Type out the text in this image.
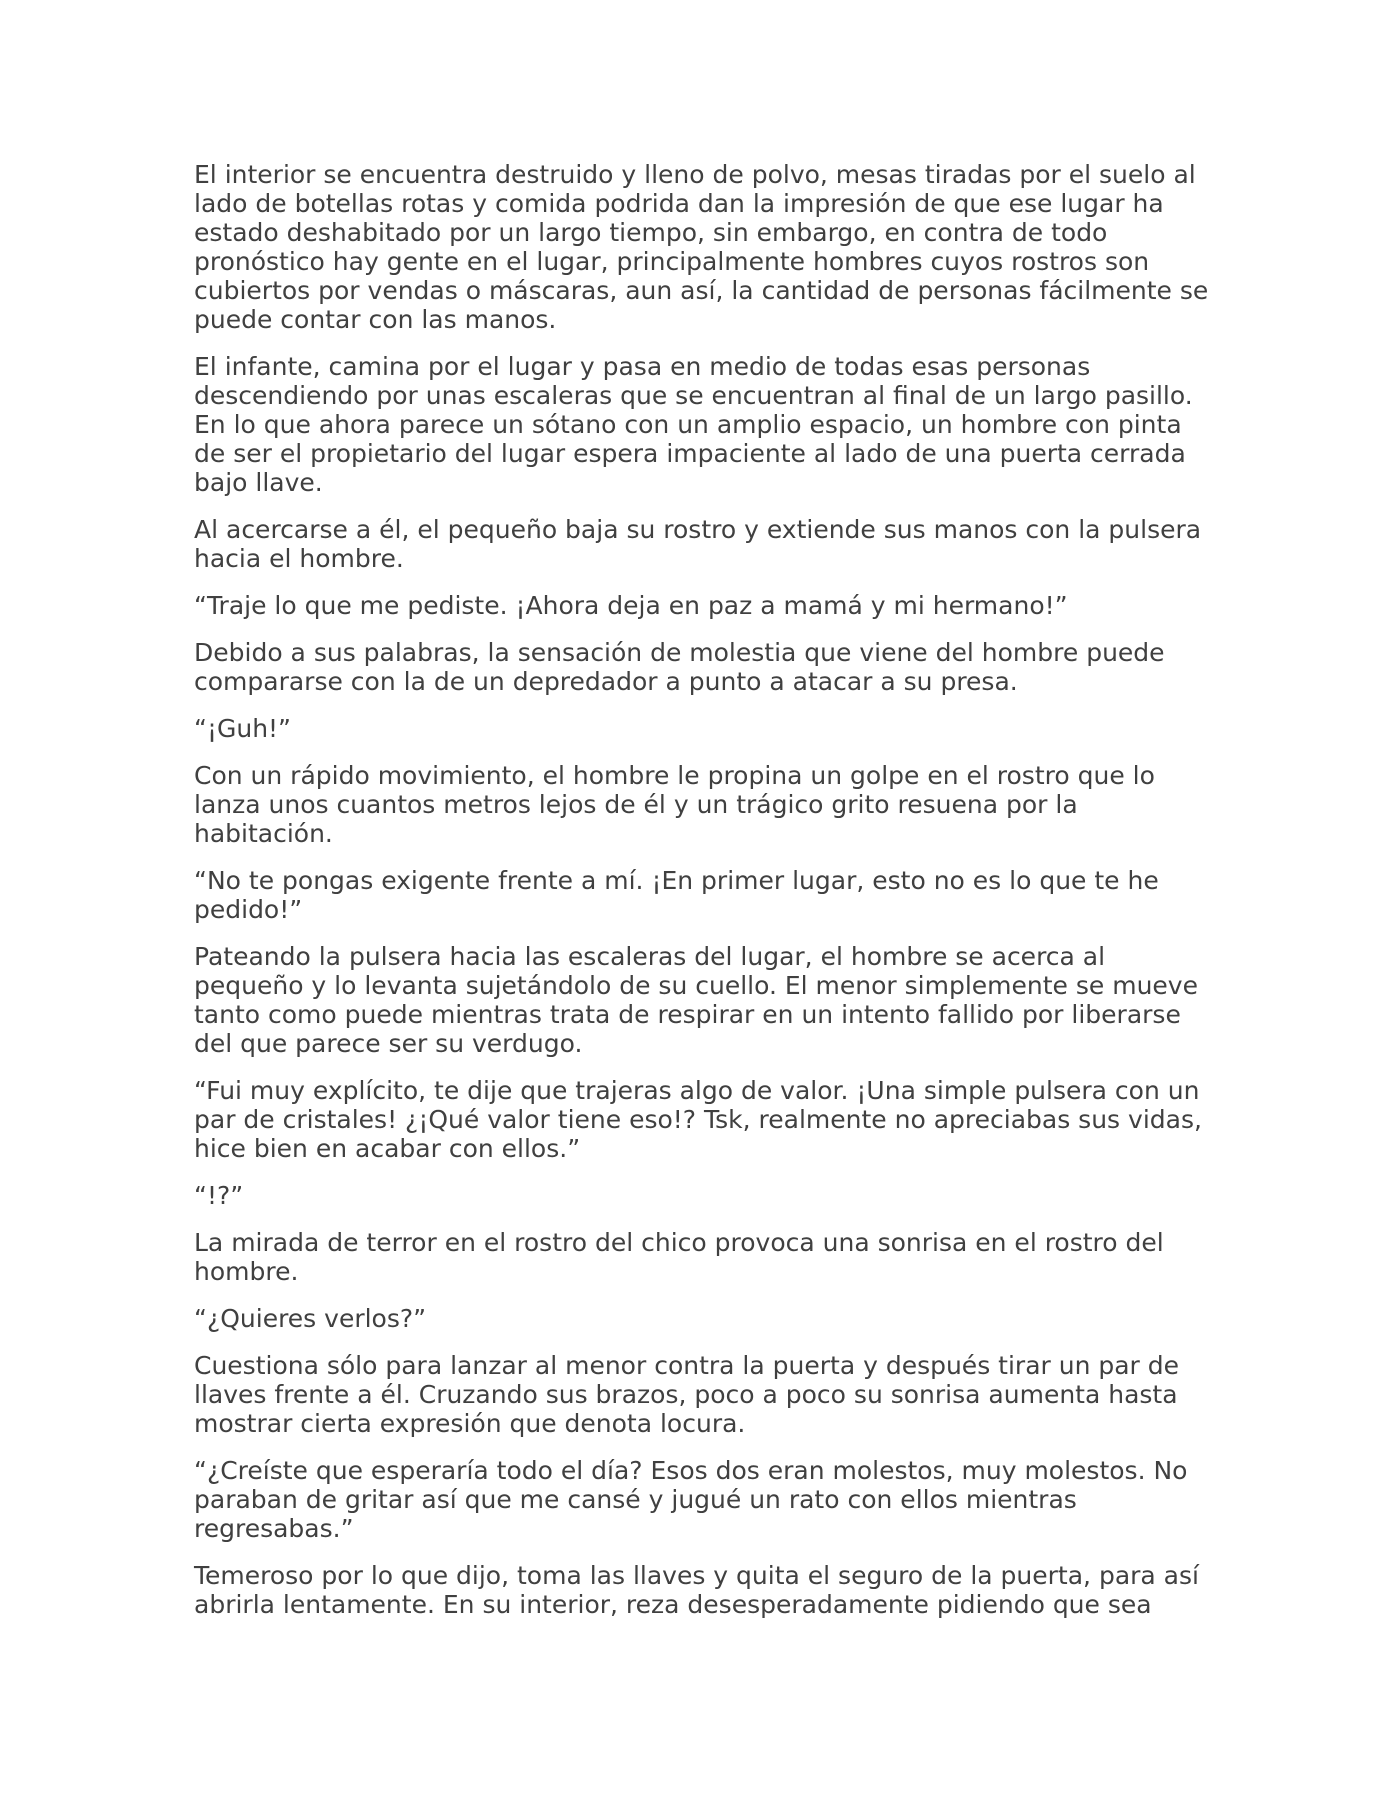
El interior se encuentra destruido y lleno de polvo, mesas tiradas por el suelo al lado de botellas rotas y comida podrida dan la impresión de que ese lugar ha estado deshabitado por un largo tiempo, sin embargo, en contra de todo pronóstico hay gente en el lugar, principalmente hombres cuyos rostros son cubiertos por vendas o máscaras, aun así, la cantidad de personas fácilmente se puede contar con las manos.

El infante, camina por el lugar y pasa en medio de todas esas personas descendiendo por unas escaleras que se encuentran al final de un largo pasillo. En lo que ahora parece un sótano con un amplio espacio, un hombre con pinta de ser el propietario del lugar espera impaciente al lado de una puerta cerrada bajo llave.

Al acercarse a él, el pequeño baja su rostro y extiende sus manos con la pulsera hacia el hombre.

“Traje lo que me pediste. ¡Ahora deja en paz a mamá y mi hermano!”

Debido a sus palabras, la sensación de molestia que viene del hombre puede compararse con la de un depredador a punto a atacar a su presa.

“¡Guh!”

Con un rápido movimiento, el hombre le propina un golpe en el rostro que lo lanza unos cuantos metros lejos de él y un trágico grito resuena por la habitación.

“No te pongas exigente frente a mí. ¡En primer lugar, esto no es lo que te he pedido!”

Pateando la pulsera hacia las escaleras del lugar, el hombre se acerca al pequeño y lo levanta sujetándolo de su cuello. El menor simplemente se mueve tanto como puede mientras trata de respirar en un intento fallido por liberarse del que parece ser su verdugo.

“Fui muy explícito, te dije que trajeras algo de valor. ¡Una simple pulsera con un par de cristales! ¿¡Qué valor tiene eso!? Tsk, realmente no apreciabas sus vidas, hice bien en acabar con ellos.”

“!?”

La mirada de terror en el rostro del chico provoca una sonrisa en el rostro del hombre.

“¿Quieres verlos?”

Cuestiona sólo para lanzar al menor contra la puerta y después tirar un par de llaves frente a él. Cruzando sus brazos, poco a poco su sonrisa aumenta hasta mostrar cierta expresión que denota locura.

“¿Creíste que esperaría todo el día? Esos dos eran molestos, muy molestos. No paraban de gritar así que me cansé y jugué un rato con ellos mientras regresabas.”

Temeroso por lo que dijo, toma las llaves y quita el seguro de la puerta, para así abrirla lentamente. En su interior, reza desesperadamente pidiendo que sea
